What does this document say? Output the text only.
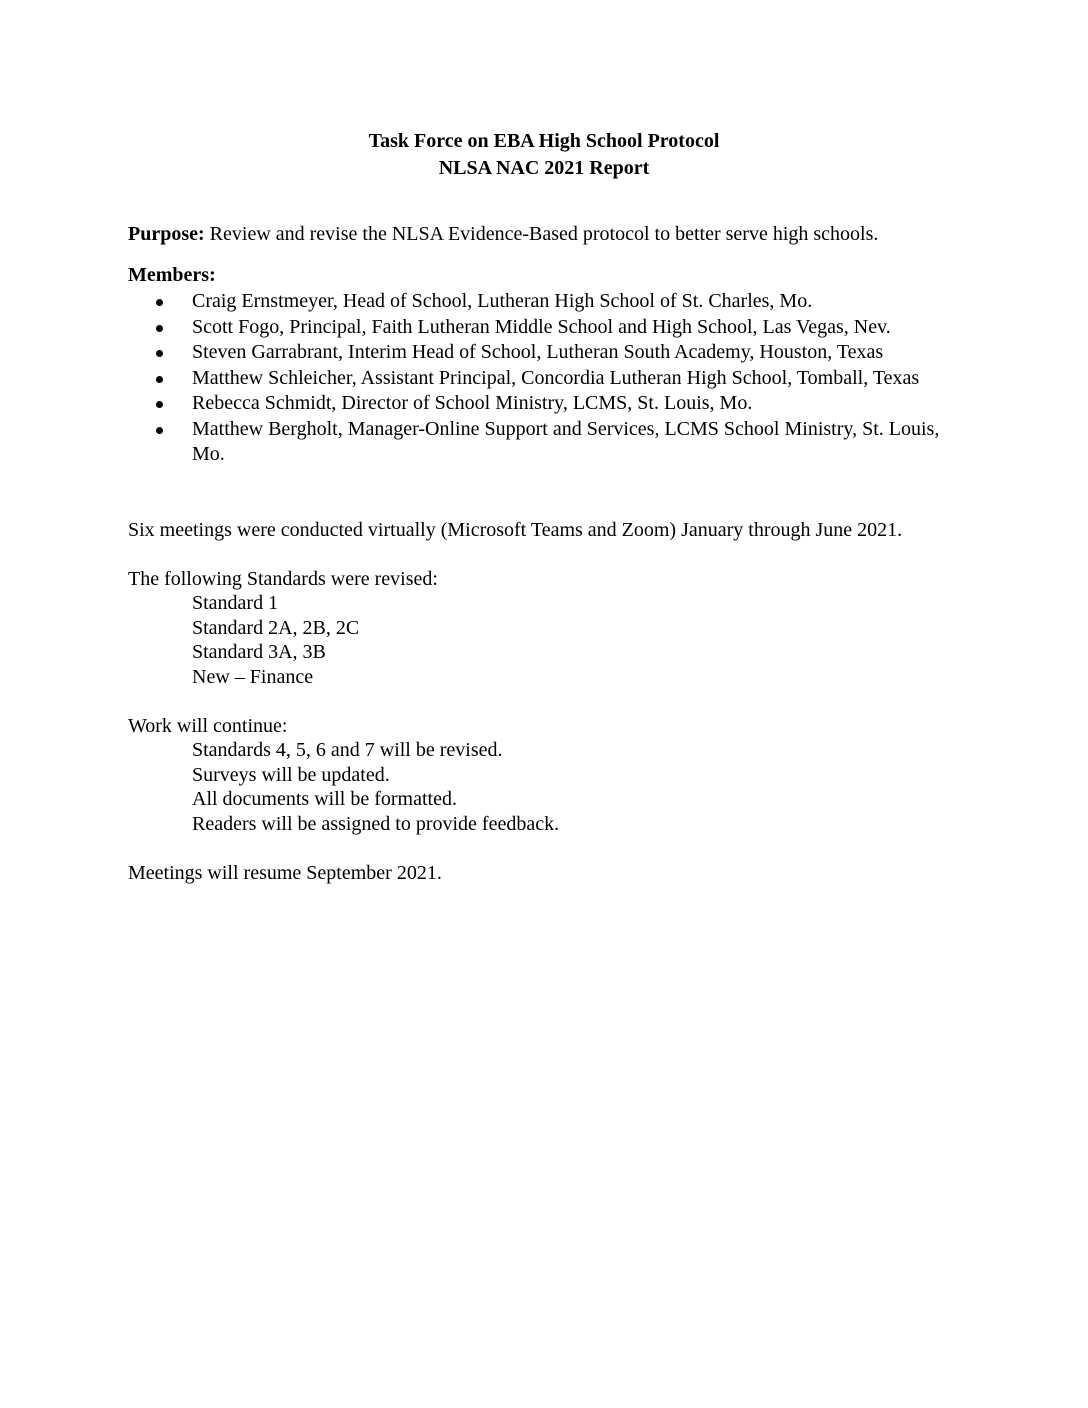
Task Force on EBA High School Protocol
NLSA NAC 2021 Report
Purpose: Review and revise the NLSA Evidence-Based protocol to better serve high schools.
Members:
Craig Ernstmeyer, Head of School, Lutheran High School of St. Charles, Mo.
Scott Fogo, Principal, Faith Lutheran Middle School and High School, Las Vegas, Nev.
Steven Garrabrant, Interim Head of School, Lutheran South Academy, Houston, Texas
Matthew Schleicher, Assistant Principal, Concordia Lutheran High School, Tomball, Texas
Rebecca Schmidt, Director of School Ministry, LCMS, St. Louis, Mo.
Matthew Bergholt, Manager-Online Support and Services, LCMS School Ministry, St. Louis, Mo.
Six meetings were conducted virtually (Microsoft Teams and Zoom) January through June 2021.
The following Standards were revised:
Standard 1
Standard 2A, 2B, 2C
Standard 3A, 3B
New – Finance
Work will continue:
Standards 4, 5, 6 and 7 will be revised.
Surveys will be updated.
All documents will be formatted.
Readers will be assigned to provide feedback.
Meetings will resume September 2021.
